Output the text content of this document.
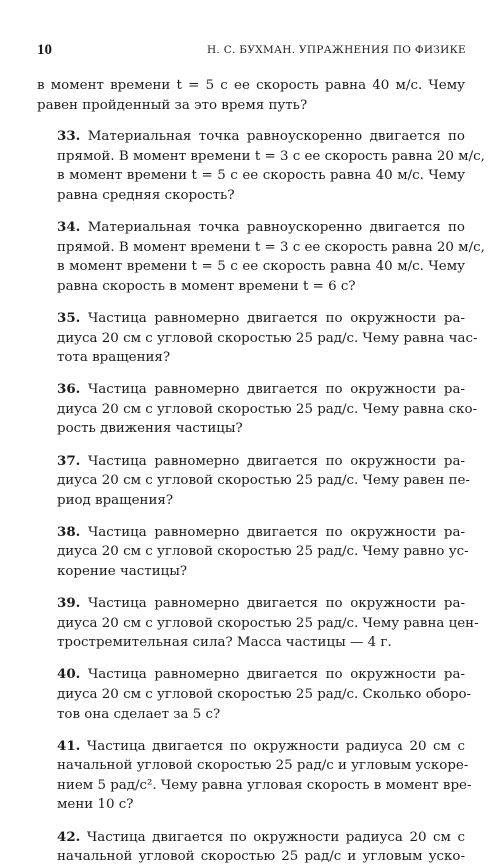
10	Н. С. БУХМАН. УПРАЖНЕНИЯ ПО ФИЗИКЕ

в момент времени t = 5 с ее скорость равна 40 м/с. Чему
равен пройденный за это время путь?

33. Материальная точка равноускоренно двигается по
прямой. В момент времени t = 3 с ее скорость равна 20 м/с,
в момент времени t = 5 с ее скорость равна 40 м/с. Чему
равна средняя скорость?

34. Материальная точка равноускоренно двигается по
прямой. В момент времени t = 3 с ее скорость равна 20 м/с,
в момент времени t = 5 с ее скорость равна 40 м/с. Чему
равна скорость в момент времени t = 6 с?

35. Частица равномерно двигается по окружности ра-
диуса 20 см с угловой скоростью 25 рад/с. Чему равна час-
тота вращения?

36. Частица равномерно двигается по окружности ра-
диуса 20 см с угловой скоростью 25 рад/с. Чему равна ско-
рость движения частицы?

37. Частица равномерно двигается по окружности ра-
диуса 20 см с угловой скоростью 25 рад/с. Чему равен пе-
риод вращения?

38. Частица равномерно двигается по окружности ра-
диуса 20 см с угловой скоростью 25 рад/с. Чему равно ус-
корение частицы?

39. Частица равномерно двигается по окружности ра-
диуса 20 см с угловой скоростью 25 рад/с. Чему равна цен-
тростремительная сила? Масса частицы — 4 г.

40. Частица равномерно двигается по окружности ра-
диуса 20 см с угловой скоростью 25 рад/с. Сколько оборо-
тов она сделает за 5 с?

41. Частица двигается по окружности радиуса 20 см с
начальной угловой скоростью 25 рад/с и угловым ускоре-
нием 5 рад/с². Чему равна угловая скорость в момент вре-
мени 10 с?

42. Частица двигается по окружности радиуса 20 см с
начальной угловой скоростью 25 рад/с и угловым уско-
